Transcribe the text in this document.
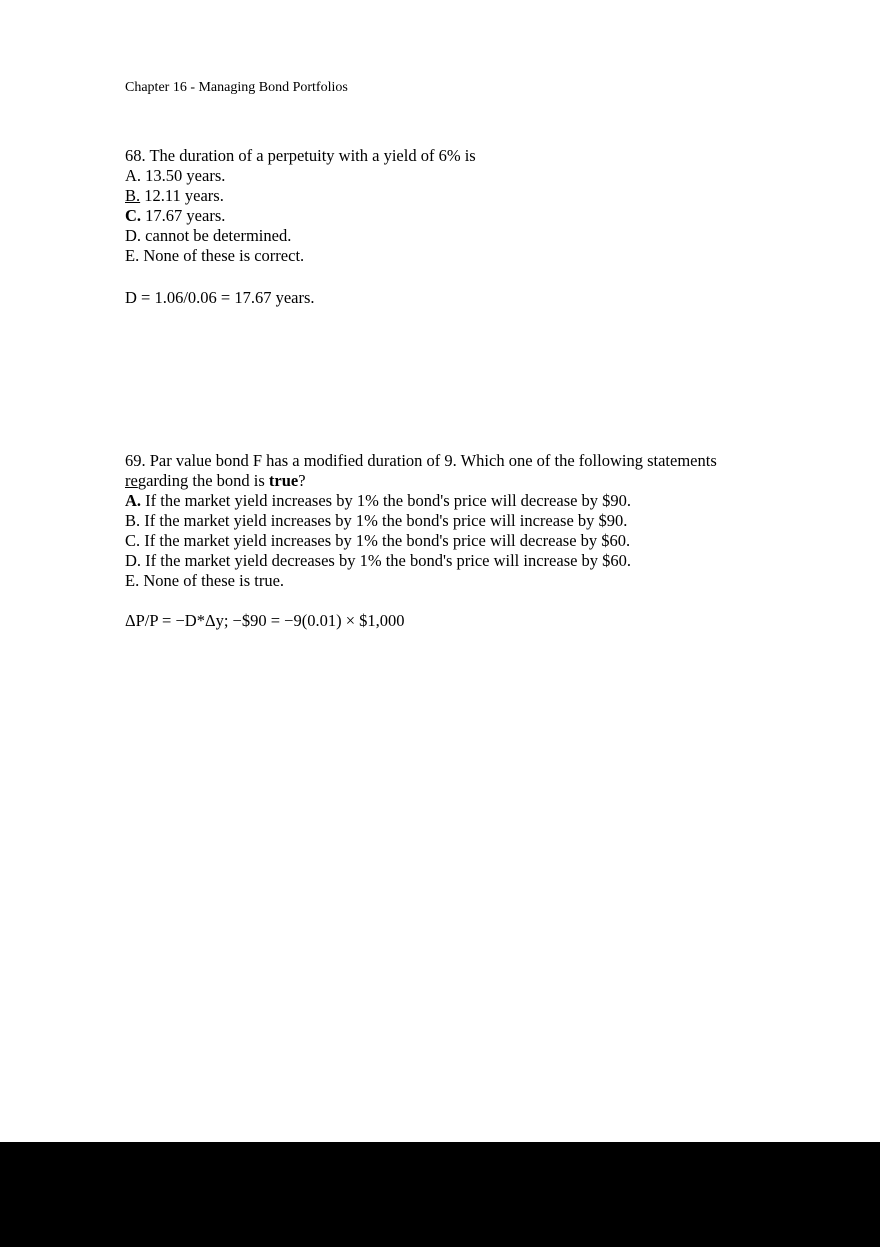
Chapter 16 - Managing Bond Portfolios
68. The duration of a perpetuity with a yield of 6% is
A. 13.50 years.
B. 12.11 years.
C. 17.67 years.
D. cannot be determined.
E. None of these is correct.
D = 1.06/0.06 = 17.67 years.
69. Par value bond F has a modified duration of 9. Which one of the following statements
regarding the bond is true?
A. If the market yield increases by 1% the bond's price will decrease by $90.
B. If the market yield increases by 1% the bond's price will increase by $90.
C. If the market yield increases by 1% the bond's price will decrease by $60.
D. If the market yield decreases by 1% the bond's price will increase by $60.
E. None of these is true.
ΔP/P = −D*Δy; −$90 = −9(0.01) × $1,000
